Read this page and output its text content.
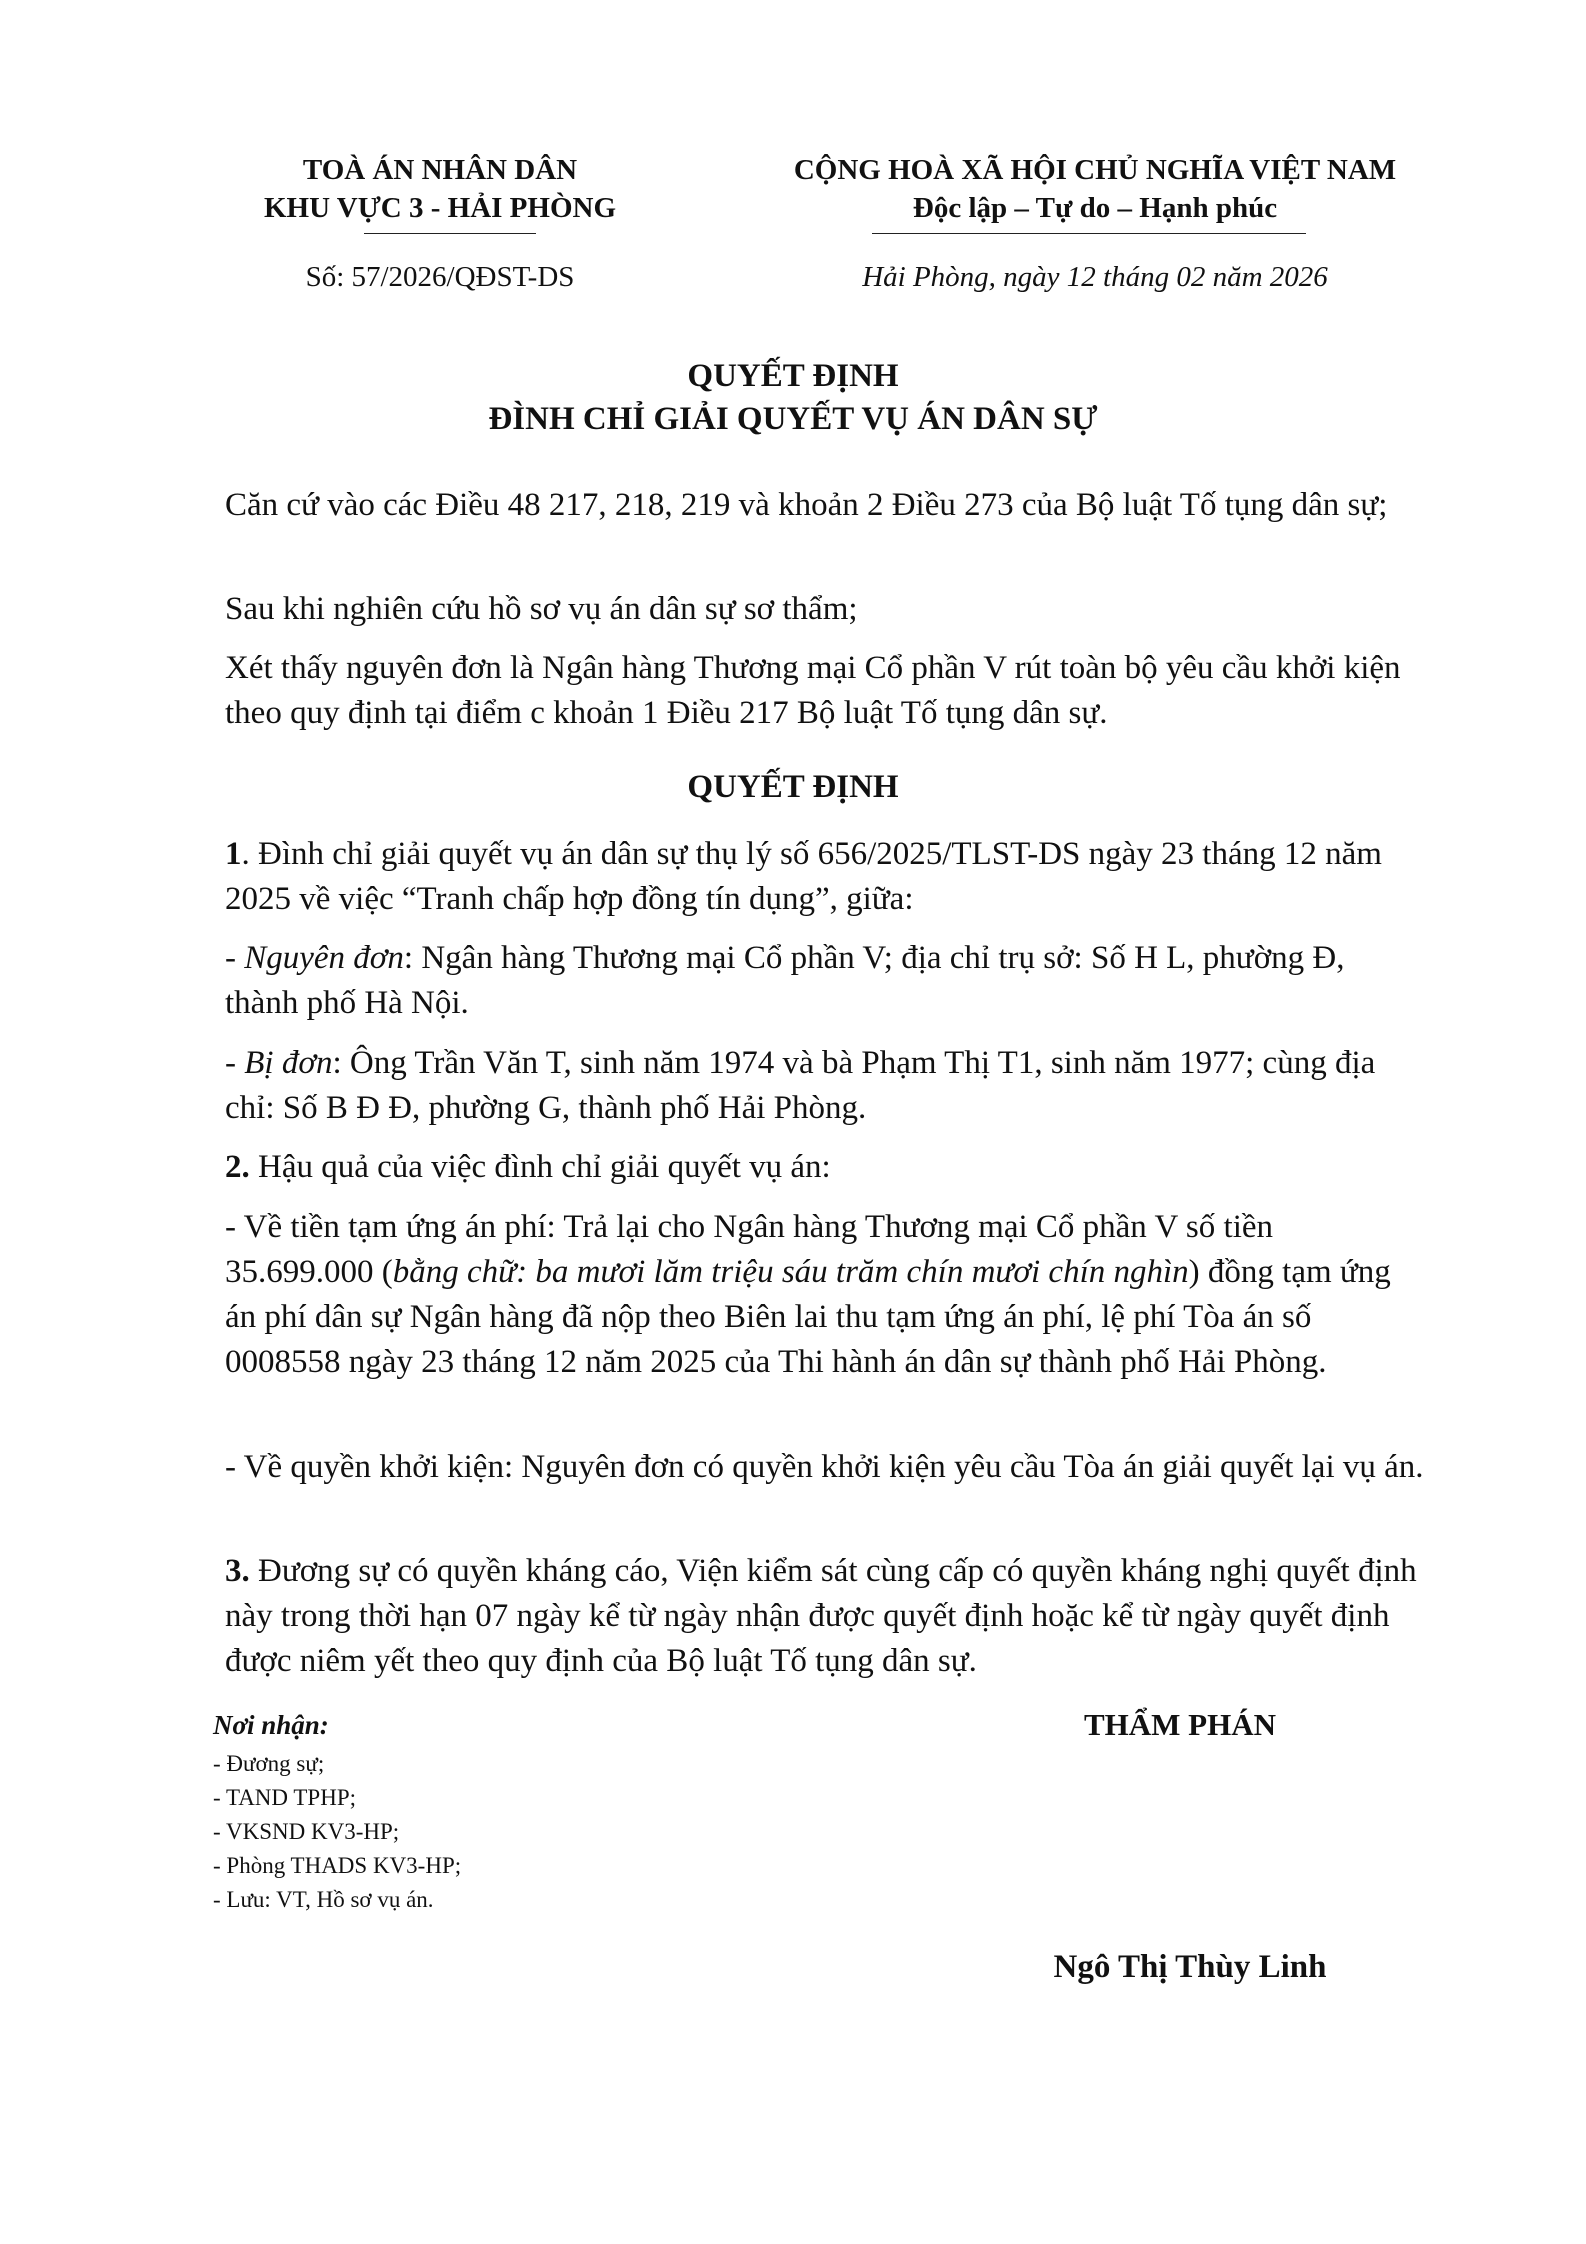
TOÀ ÁN NHÂN DÂN
KHU VỰC 3 - HẢI PHÒNG
CỘNG HOÀ XÃ HỘI CHỦ NGHĨA VIỆT NAM
Độc lập – Tự do – Hạnh phúc
Số: 57/2026/QĐST-DS	Hải Phòng, ngày 12 tháng 02 năm 2026
QUYẾT ĐỊNH
ĐÌNH CHỈ GIẢI QUYẾT VỤ ÁN DÂN SỰ

Căn cứ vào các Điều 48 217, 218, 219 và khoản 2 Điều 273 của Bộ luật Tố tụng dân sự;

Sau khi nghiên cứu hồ sơ vụ án dân sự sơ thẩm;

Xét thấy nguyên đơn là Ngân hàng Thương mại Cổ phần V rút toàn bộ yêu cầu khởi kiện theo quy định tại điểm c khoản 1 Điều 217 Bộ luật Tố tụng dân sự.

QUYẾT ĐỊNH

1. Đình chỉ giải quyết vụ án dân sự thụ lý số 656/2025/TLST-DS ngày 23 tháng 12 năm 2025 về việc “Tranh chấp hợp đồng tín dụng”, giữa:

- Nguyên đơn: Ngân hàng Thương mại Cổ phần V; địa chỉ trụ sở: Số H L, phường Đ, thành phố Hà Nội.

- Bị đơn: Ông Trần Văn T, sinh năm 1974 và bà Phạm Thị T1, sinh năm 1977; cùng địa chỉ: Số B Đ Đ, phường G, thành phố Hải Phòng.

2. Hậu quả của việc đình chỉ giải quyết vụ án:

- Về tiền tạm ứng án phí: Trả lại cho Ngân hàng Thương mại Cổ phần V số tiền 35.699.000 (bằng chữ: ba mươi lăm triệu sáu trăm chín mươi chín nghìn) đồng tạm ứng án phí dân sự Ngân hàng đã nộp theo Biên lai thu tạm ứng án phí, lệ phí Tòa án số 0008558 ngày 23 tháng 12 năm 2025 của Thi hành án dân sự thành phố Hải Phòng.

- Về quyền khởi kiện: Nguyên đơn có quyền khởi kiện yêu cầu Tòa án giải quyết lại vụ án.

3. Đương sự có quyền kháng cáo, Viện kiểm sát cùng cấp có quyền kháng nghị quyết định này trong thời hạn 07 ngày kể từ ngày nhận được quyết định hoặc kể từ ngày quyết định được niêm yết theo quy định của Bộ luật Tố tụng dân sự.

Nơi nhận:
- Đương sự;
- TAND TPHP;
- VKSND KV3-HP;
- Phòng THADS KV3-HP;
- Lưu: VT, Hồ sơ vụ án.
THẨM PHÁN
Ngô Thị Thùy Linh
